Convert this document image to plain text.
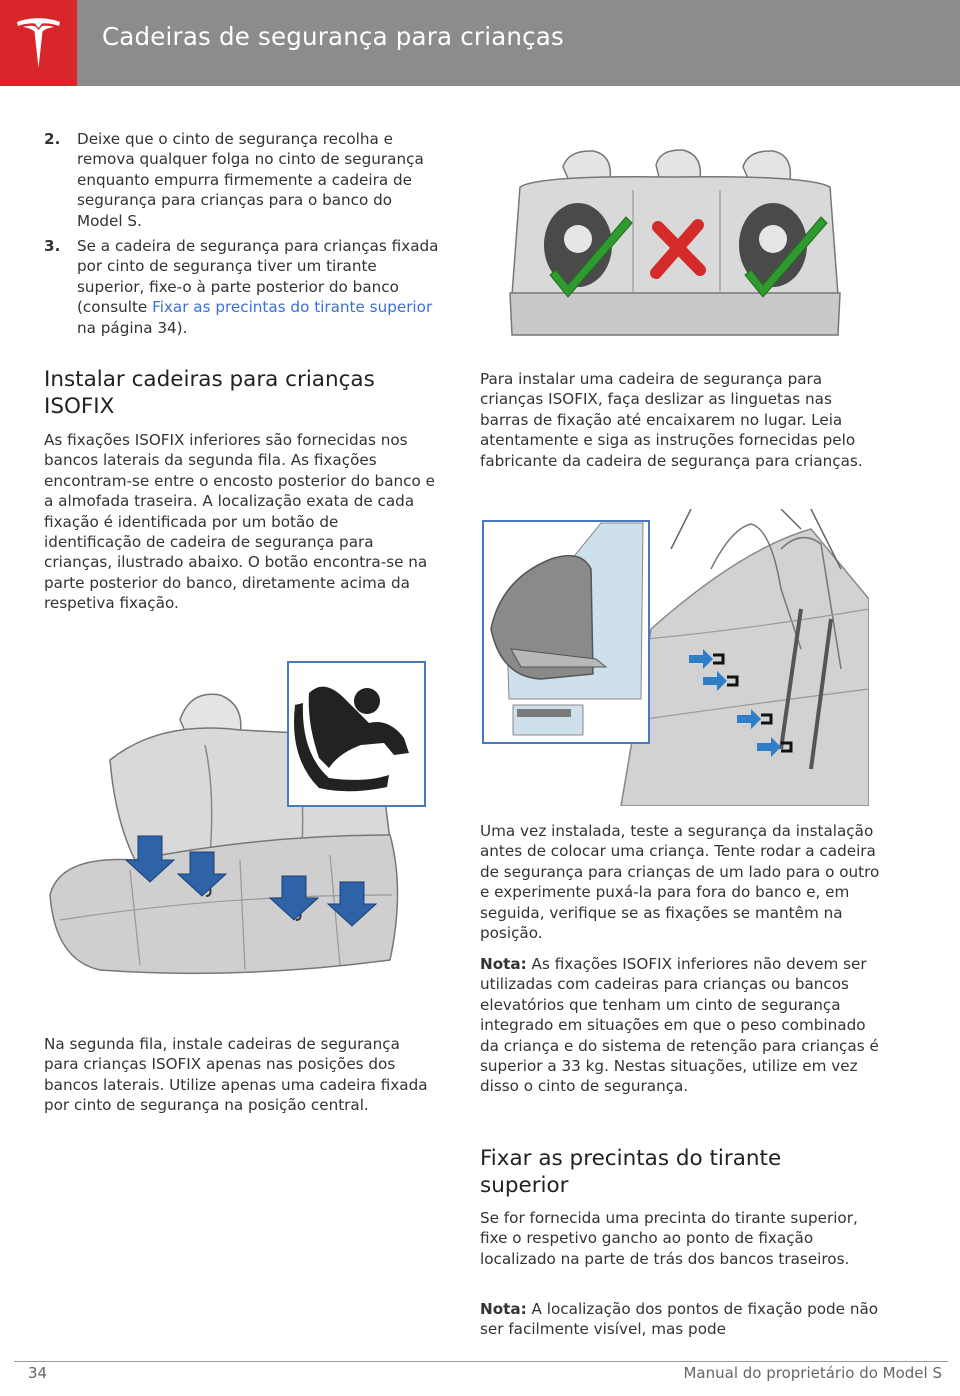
Cadeiras de segurança para crianças
2. Deixe que o cinto de segurança recolha e remova qualquer folga no cinto de segurança enquanto empurra firmemente a cadeira de segurança para crianças para o banco do Model S.
3. Se a cadeira de segurança para crianças fixada por cinto de segurança tiver um tirante superior, fixe-o à parte posterior do banco (consulte Fixar as precintas do tirante superior na página 34).
Instalar cadeiras para crianças ISOFIX

As fixações ISOFIX inferiores são fornecidas nos bancos laterais da segunda fila. As fixações encontram-se entre o encosto posterior do banco e a almofada traseira. A localização exata de cada fixação é identificada por um botão de identificação de cadeira de segurança para crianças, ilustrado abaixo. O botão encontra-se na parte posterior do banco, diretamente acima da respetiva fixação.

Na segunda fila, instale cadeiras de segurança para crianças ISOFIX apenas nas posições dos bancos laterais. Utilize apenas uma cadeira fixada por cinto de segurança na posição central.

Para instalar uma cadeira de segurança para crianças ISOFIX, faça deslizar as linguetas nas barras de fixação até encaixarem no lugar. Leia atentamente e siga as instruções fornecidas pelo fabricante da cadeira de segurança para crianças.

Uma vez instalada, teste a segurança da instalação antes de colocar uma criança. Tente rodar a cadeira de segurança para crianças de um lado para o outro e experimente puxá-la para fora do banco e, em seguida, verifique se as fixações se mantêm na posição.

Nota: As fixações ISOFIX inferiores não devem ser utilizadas com cadeiras para crianças ou bancos elevatórios que tenham um cinto de segurança integrado em situações em que o peso combinado da criança e do sistema de retenção para crianças é superior a 33 kg. Nestas situações, utilize em vez disso o cinto de segurança.

Fixar as precintas do tirante superior

Se for fornecida uma precinta do tirante superior, fixe o respetivo gancho ao ponto de fixação localizado na parte de trás dos bancos traseiros.

Nota: A localização dos pontos de fixação pode não ser facilmente visível, mas pode

34	Manual do proprietário do Model S
